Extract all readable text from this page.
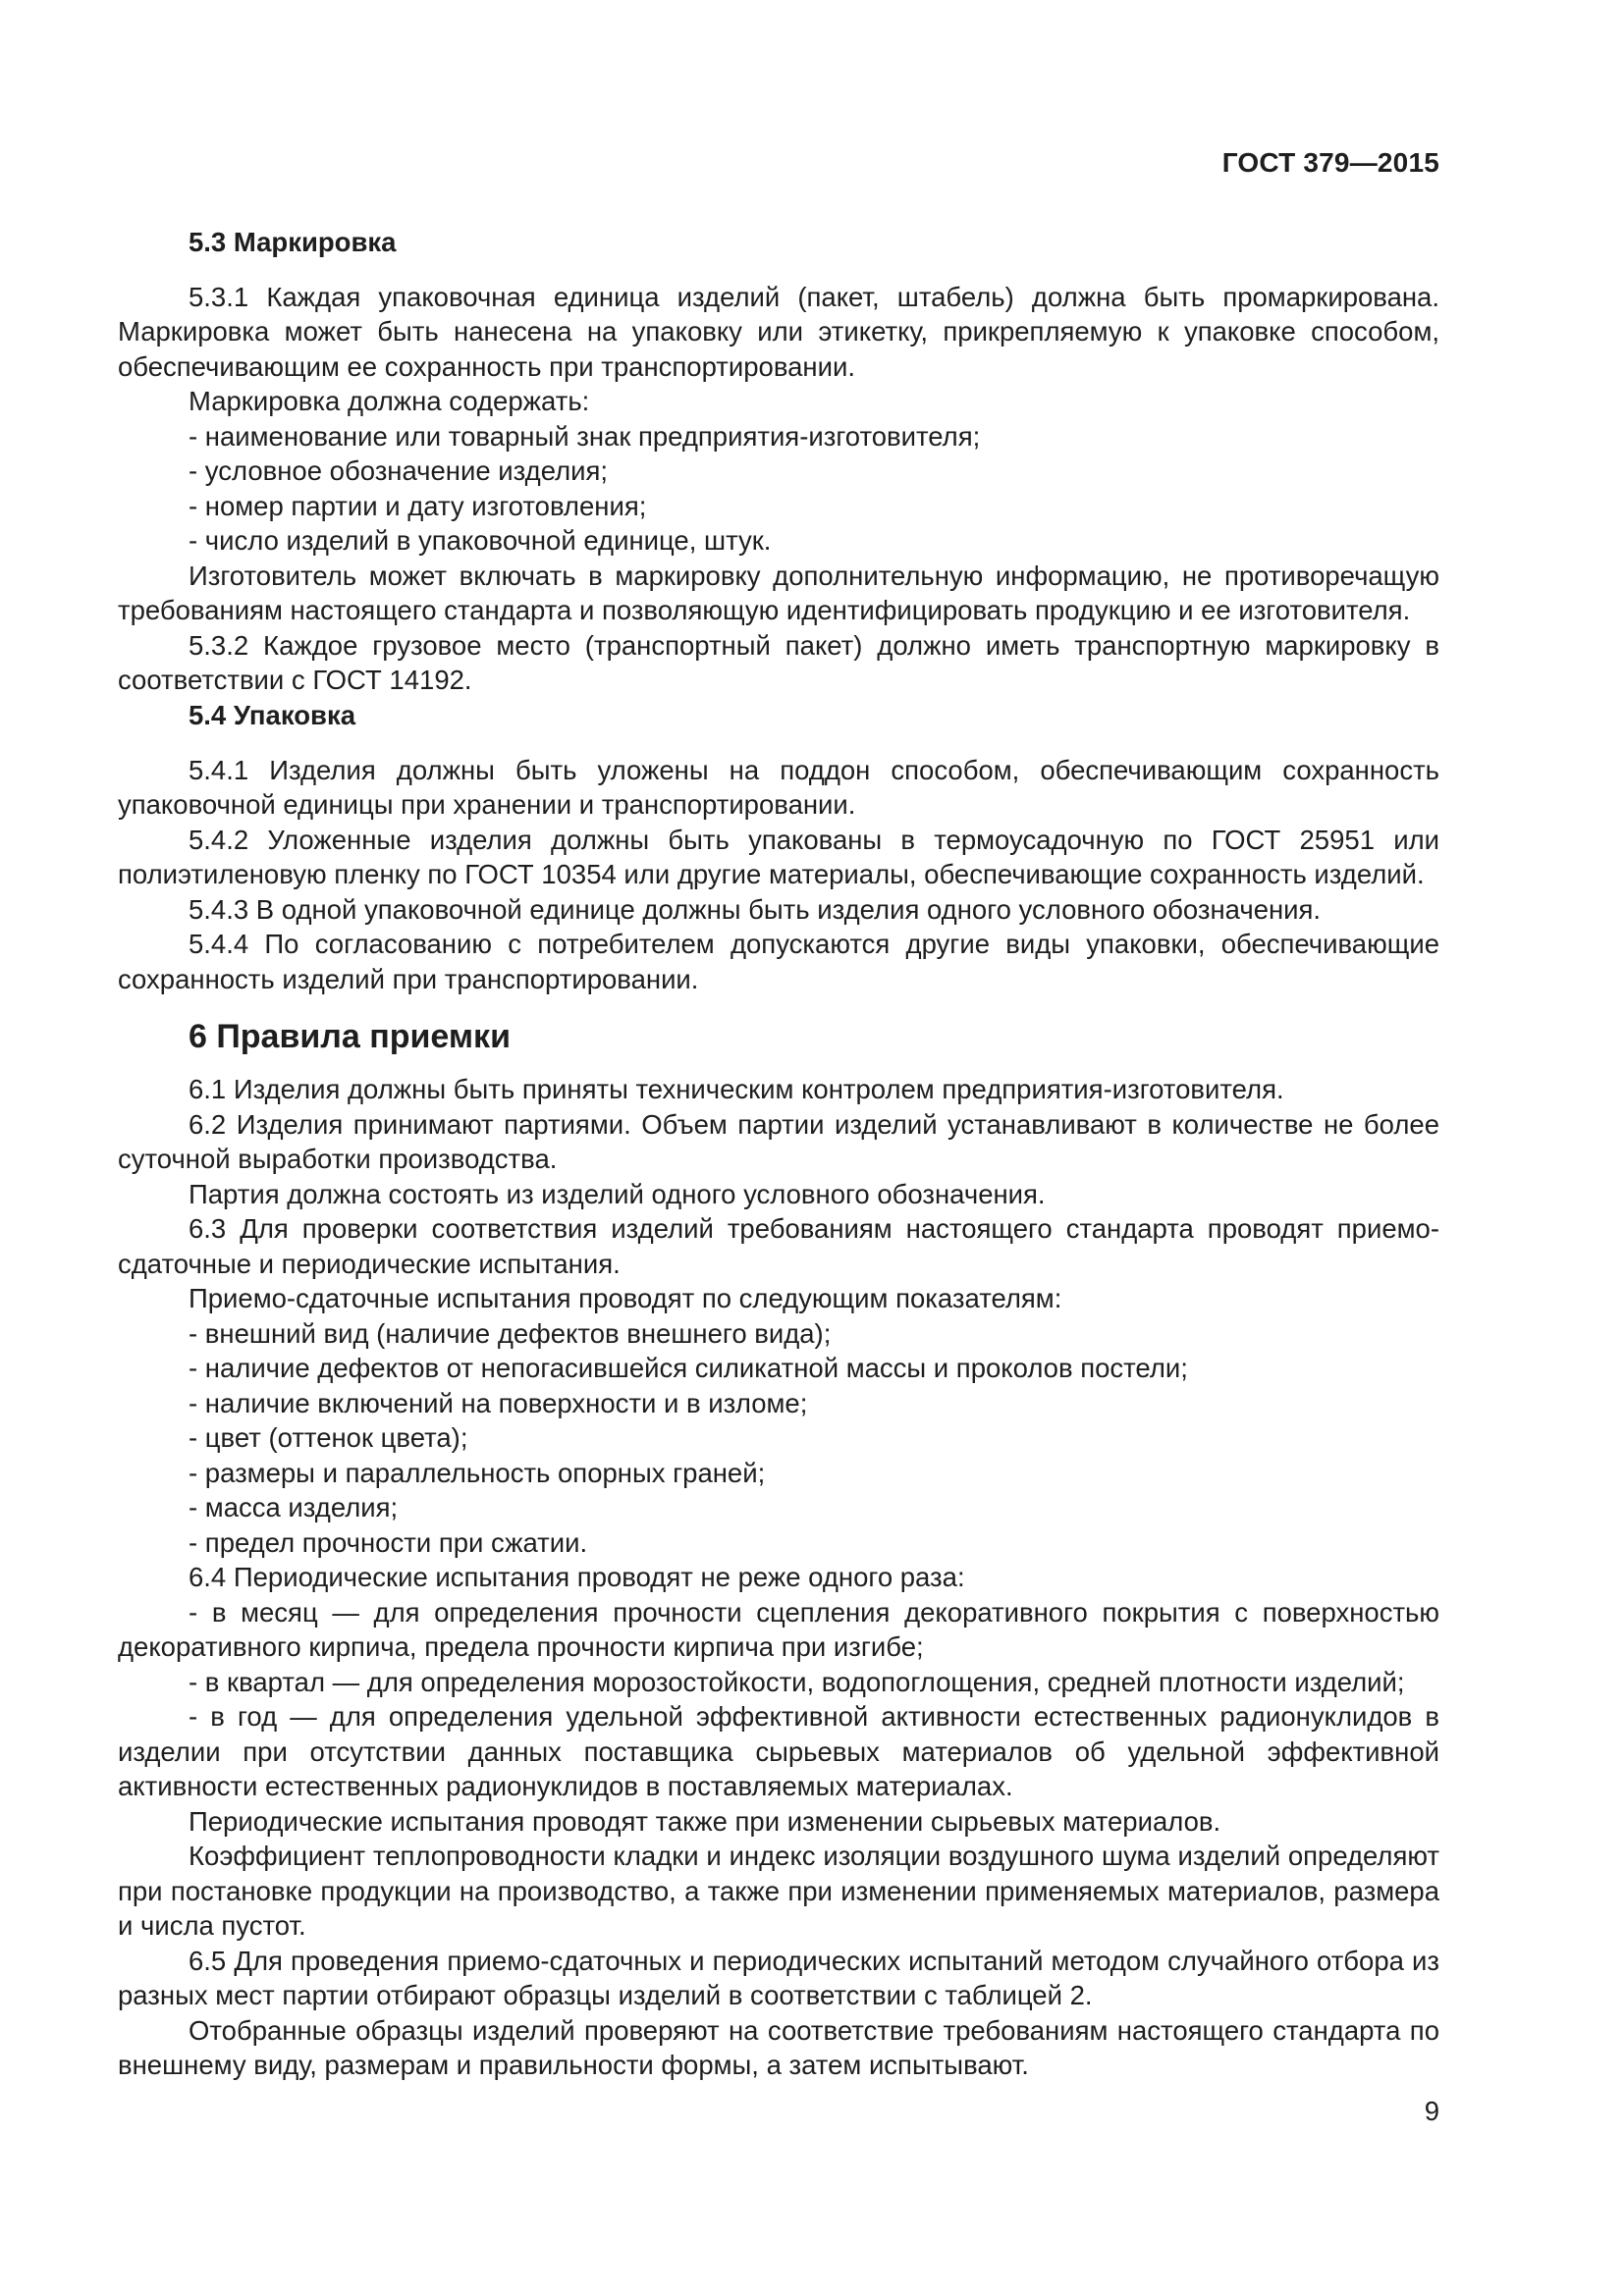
ГОСТ 379—2015
5.3 Маркировка

5.3.1 Каждая упаковочная единица изделий (пакет, штабель) должна быть промаркирована. Маркировка может быть нанесена на упаковку или этикетку, прикрепляемую к упаковке способом, обеспечивающим ее сохранность при транспортировании.

Маркировка должна содержать:

- наименование или товарный знак предприятия-изготовителя;

- условное обозначение изделия;

- номер партии и дату изготовления;

- число изделий в упаковочной единице, штук.

Изготовитель может включать в маркировку дополнительную информацию, не противоречащую требованиям настоящего стандарта и позволяющую идентифицировать продукцию и ее изготовителя.

5.3.2 Каждое грузовое место (транспортный пакет) должно иметь транспортную маркировку в соответствии с ГОСТ 14192.

5.4 Упаковка

5.4.1 Изделия должны быть уложены на поддон способом, обеспечивающим сохранность упаковочной единицы при хранении и транспортировании.

5.4.2 Уложенные изделия должны быть упакованы в термоусадочную по ГОСТ 25951 или полиэтиленовую пленку по ГОСТ 10354 или другие материалы, обеспечивающие сохранность изделий.

5.4.3 В одной упаковочной единице должны быть изделия одного условного обозначения.

5.4.4 По согласованию с потребителем допускаются другие виды упаковки, обеспечивающие сохранность изделий при транспортировании.

6 Правила приемки

6.1 Изделия должны быть приняты техническим контролем предприятия-изготовителя.

6.2 Изделия принимают партиями. Объем партии изделий устанавливают в количестве не более суточной выработки производства.

Партия должна состоять из изделий одного условного обозначения.

6.3 Для проверки соответствия изделий требованиям настоящего стандарта проводят приемо-сдаточные и периодические испытания.

Приемо-сдаточные испытания проводят по следующим показателям:

- внешний вид (наличие дефектов внешнего вида);

- наличие дефектов от непогасившейся силикатной массы и проколов постели;

- наличие включений на поверхности и в изломе;

- цвет (оттенок цвета);

- размеры и параллельность опорных граней;

- масса изделия;

- предел прочности при сжатии.

6.4 Периодические испытания проводят не реже одного раза:

- в месяц — для определения прочности сцепления декоративного покрытия с поверхностью декоративного кирпича, предела прочности кирпича при изгибе;

- в квартал — для определения морозостойкости, водопоглощения, средней плотности изделий;

- в год — для определения удельной эффективной активности естественных радионуклидов в изделии при отсутствии данных поставщика сырьевых материалов об удельной эффективной активности естественных радионуклидов в поставляемых материалах.

Периодические испытания проводят также при изменении сырьевых материалов.

Коэффициент теплопроводности кладки и индекс изоляции воздушного шума изделий определяют при постановке продукции на производство, а также при изменении применяемых материалов, размера и числа пустот.

6.5 Для проведения приемо-сдаточных и периодических испытаний методом случайного отбора из разных мест партии отбирают образцы изделий в соответствии с таблицей 2.

Отобранные образцы изделий проверяют на соответствие требованиям настоящего стандарта по внешнему виду, размерам и правильности формы, а затем испытывают.

9
